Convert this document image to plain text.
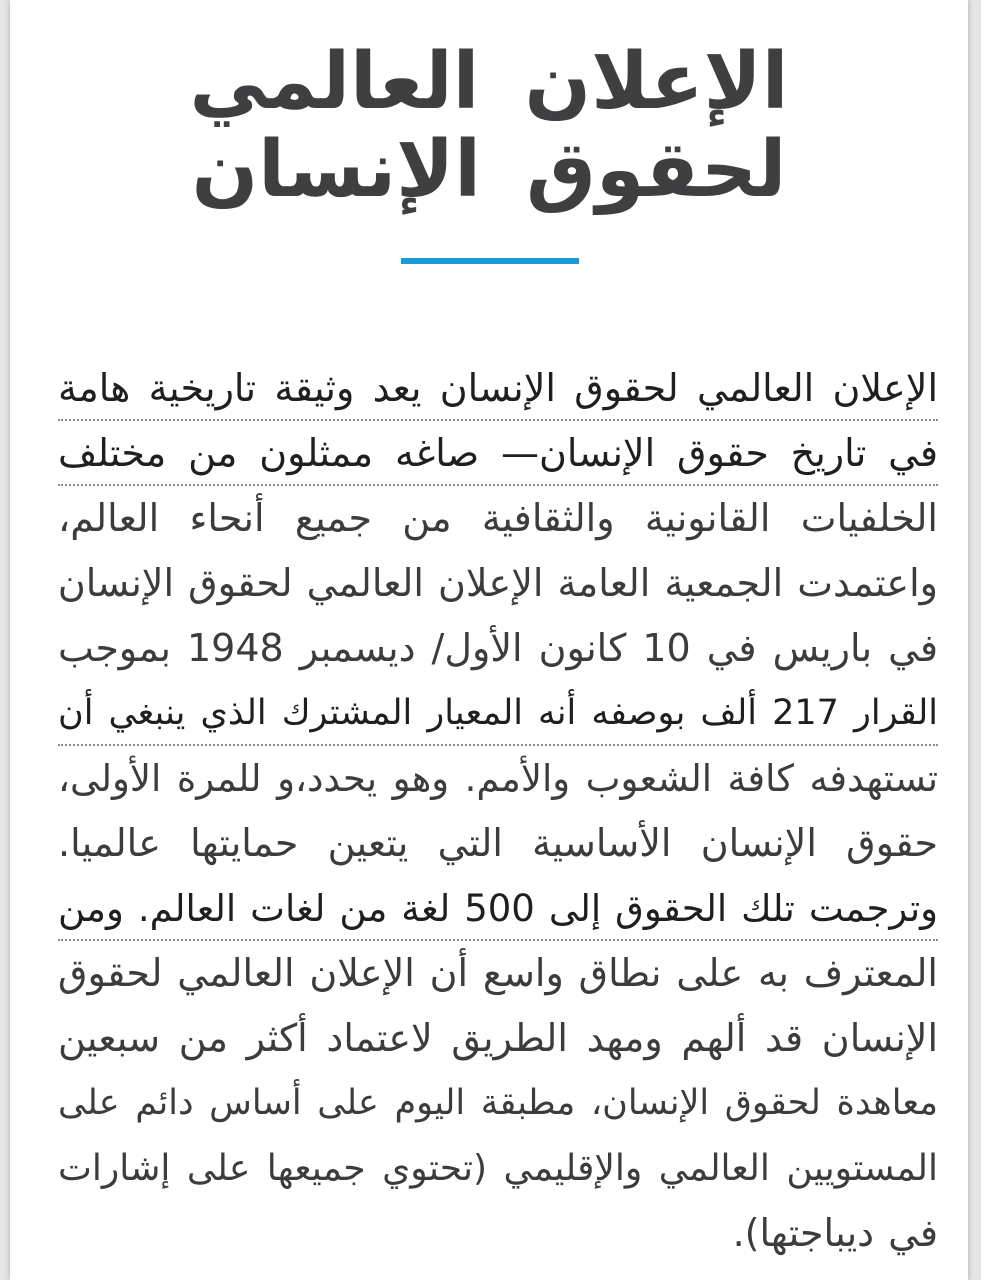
الإعلان العالمي
لحقوق الإنسان
الإعلان العالمي لحقوق الإنسان يعد وثيقة تاريخية هامة
في تاريخ حقوق الإنسان— صاغه ممثلون من مختلف
الخلفيات القانونية والثقافية من جميع أنحاء العالم،
واعتمدت الجمعية العامة الإعلان العالمي لحقوق الإنسان
في باريس في 10 كانون الأول/ ديسمبر 1948 بموجب
القرار 217 ألف بوصفه أنه المعيار المشترك الذي ينبغي أن
تستهدفه كافة الشعوب والأمم. وهو يحدد،و للمرة الأولى،
حقوق الإنسان الأساسية التي يتعين حمايتها عالميا.
وترجمت تلك الحقوق إلى 500 لغة من لغات العالم. ومن
المعترف به على نطاق واسع أن الإعلان العالمي لحقوق
الإنسان قد ألهم ومهد الطريق لاعتماد أكثر من سبعين
معاهدة لحقوق الإنسان، مطبقة اليوم على أساس دائم على
المستويين العالمي والإقليمي (تحتوي جميعها على إشارات
في ديباجتها).
